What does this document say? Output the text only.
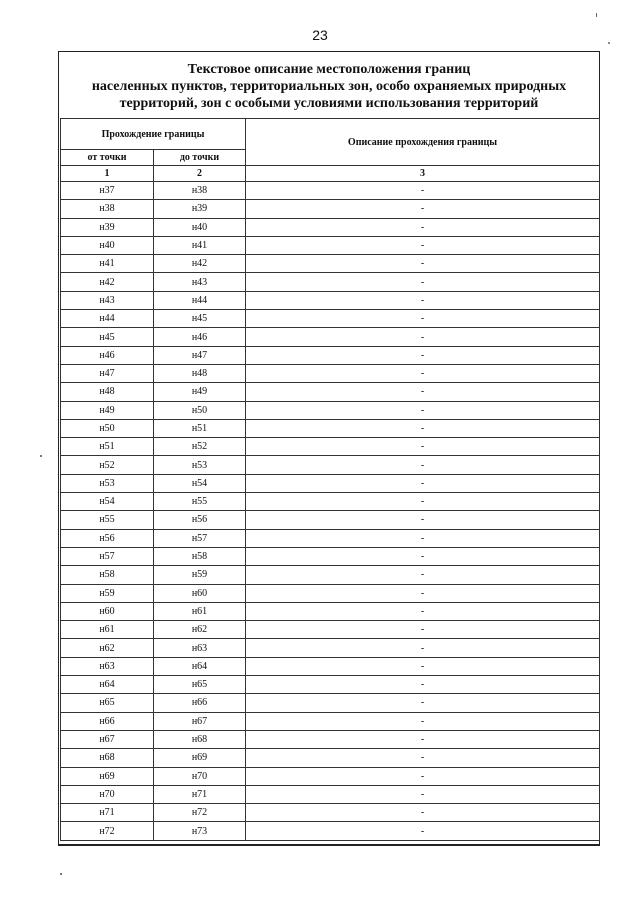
23
Текстовое описание местоположения границ
населенных пунктов, территориальных зон, особо охраняемых природных
территорий, зон с особыми условиями использования территорий
Прохождение границы		Описание прохождения границы
от точки	до точки	
1	2	3
н37	н38	-
н38	н39	-
н39	н40	-
н40	н41	-
н41	н42	-
н42	н43	-
н43	н44	-
н44	н45	-
н45	н46	-
н46	н47	-
н47	н48	-
н48	н49	-
н49	н50	-
н50	н51	-
н51	н52	-
н52	н53	-
н53	н54	-
н54	н55	-
н55	н56	-
н56	н57	-
н57	н58	-
н58	н59	-
н59	н60	-
н60	н61	-
н61	н62	-
н62	н63	-
н63	н64	-
н64	н65	-
н65	н66	-
н66	н67	-
н67	н68	-
н68	н69	-
н69	н70	-
н70	н71	-
н71	н72	-
н72	н73	-
